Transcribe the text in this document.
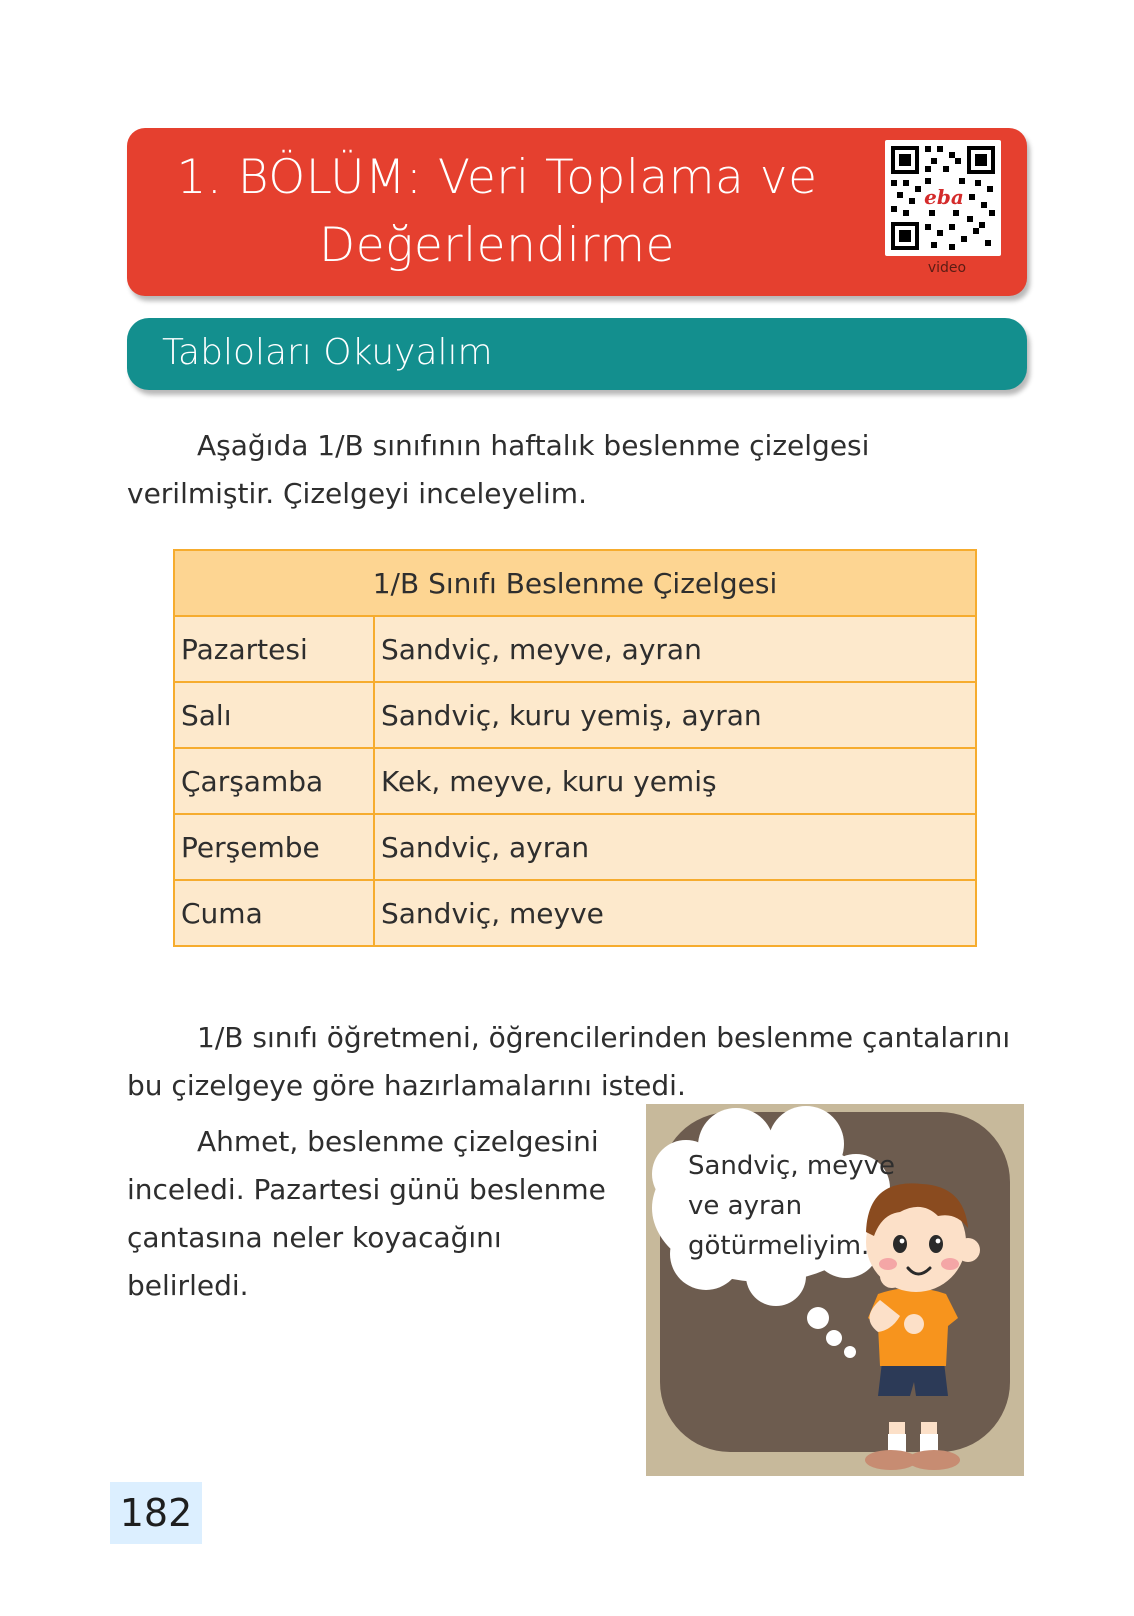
1. BÖLÜM: Veri Toplama ve
Değerlendirme
eba
video
Tabloları Okuyalım
Aşağıda 1/B sınıfının haftalık beslenme çizelgesi
verilmiştir. Çizelgeyi inceleyelim.
1/B Sınıfı Beslenme Çizelgesi	
Pazartesi	Sandviç, meyve, ayran
Salı	Sandviç, kuru yemiş, ayran
Çarşamba	Kek, meyve, kuru yemiş
Perşembe	Sandviç, ayran
Cuma	Sandviç, meyve
1/B sınıfı öğretmeni, öğrencilerinden beslenme çantalarını
bu çizelgeye göre hazırlamalarını istedi.
Ahmet, beslenme çizelgesini
inceledi. Pazartesi günü beslenme
çantasına neler koyacağını
belirledi.
Sandviç, meyve
ve ayran
götürmeliyim.
182
